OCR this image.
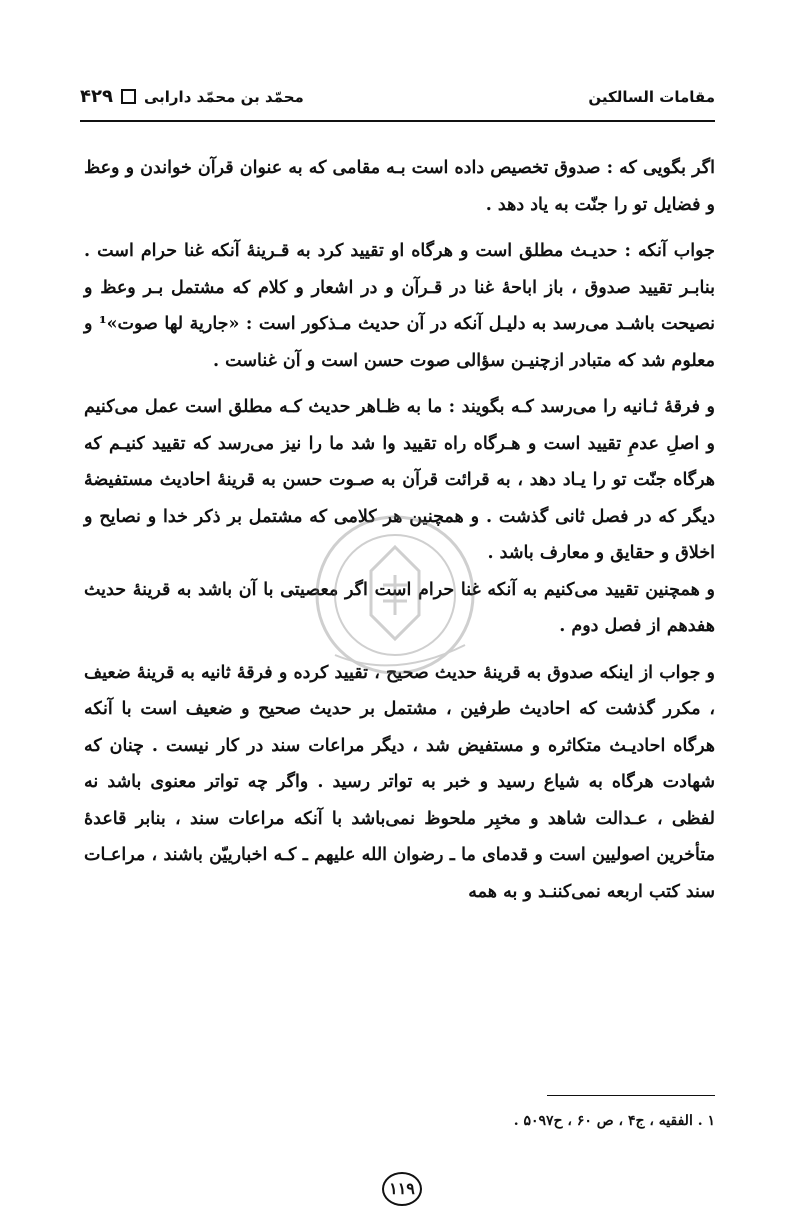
مقامات السالكين
محمّد بن محمّد دارابى
۴۲۹

اگر بگويى كه : صدوق تخصيص داده است بـه مقامى كه به عنوان قرآن خواندن و وعظ و فضايل تو را جنّت به ياد دهد .

جواب آنكه : حديـث مطلق است و هرگاه او تقييد كرد به قـرينهٔ آنكه غنا حرام است . بنابـر تقييد صدوق ، باز اباحهٔ غنا در قـرآن و در اشعار و كلام كه مشتمل بـر وعظ و نصيحت باشـد مى‌رسد به دليـل آنكه در آن حديث مـذكور است : «جارية لها صوت»¹ و معلوم شد كه متبادر ازچنيـن سؤالى صوت حسن است و آن غناست .

و فرقهٔ ثـانيه را مى‌رسد كـه بگويند : ما به ظـاهر حديث كـه مطلق است عمل مى‌كنيم و اصلِ عدمِ تقييد است و هـرگاه راه تقييد وا شد ما را نيز مى‌رسد كه تقييد كنيـم كه هرگاه جنّت تو را يـاد دهد ، به قرائت قرآن به صـوت حسن به قرينهٔ احاديث مستفيضهٔ ديگر كه در فصل ثانى گذشت . و همچنين هر كلامى كه مشتمل بر ذكر خدا و نصايح و اخلاق و حقايق و معارف باشد .

و همچنين تقييد مى‌كنيم به آنكه غنا حرام است اگر معصيتى با آن باشد به قرينهٔ حديث هفدهم از فصل دوم .

و جواب از اينكه صدوق به قرينهٔ حديث صحيح ، تقييد كرده و فرقهٔ ثانيه به قرينهٔ ضعيف ، مكرر گذشت كه احاديث طرفين ، مشتمل بر حديث صحيح و ضعيف است با آنكه هرگاه احاديـث متكاثره و مستفيض شد ، ديگر مراعات سند در كار نيست . چنان كه شهادت هرگاه به شياع رسيد و خبر به تواتر رسيد . واگر چه تواتر معنوى باشد نه لفظى ، عـدالت شاهد و مخبِر ملحوظ نمى‌باشد با آنكه مراعات سند ، بنابر قاعدهٔ متأخرين اصوليين است و قدماى ما ـ رضوان الله عليهم ـ كـه اخبارييّن باشند ، مراعـات سند كتب اربعه نمى‌كننـد و به همه

۱ . الفقيه ، ج۴ ، ص ۶۰ ، ح۵۰۹۷ .
۱۱۹
